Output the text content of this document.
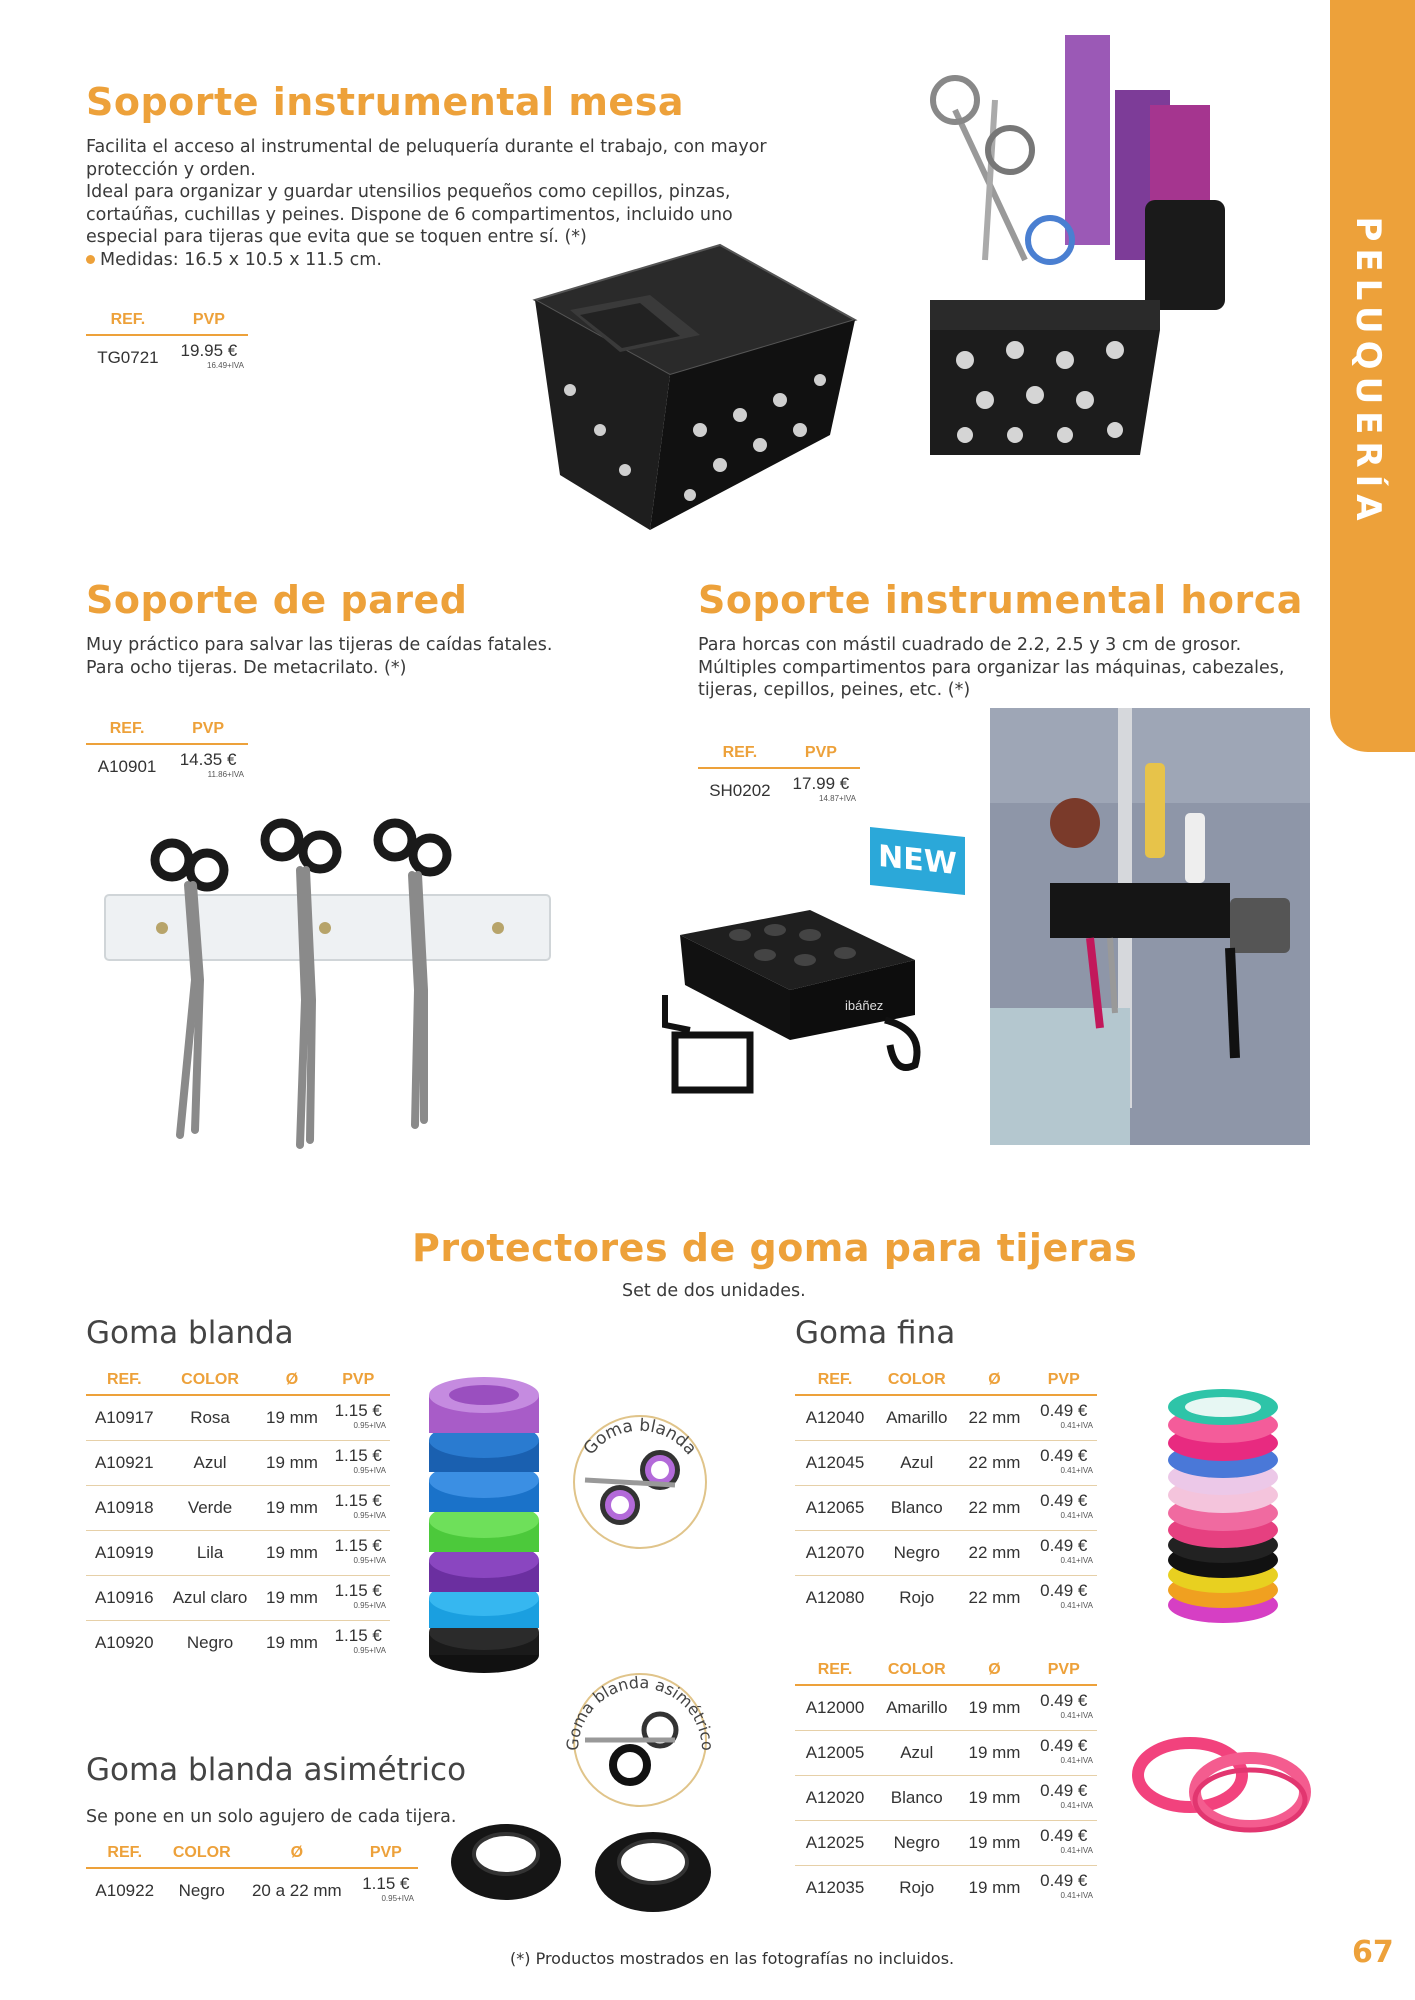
PELUQUERÍA
Soporte instrumental mesa

Facilita el acceso al instrumental de peluquería durante el trabajo, con mayor

protección y orden.

Ideal para organizar y guardar utensilios pequeños como cepillos, pinzas,

cortaúñas, cuchillas y peines. Dispone de 6 compartimentos, incluido uno

especial para tijeras que evita que se toquen entre sí. (*)

Medidas: 16.5 x 10.5 x 11.5 cm.

REF.	PVP
TG0721	19.95 €
16.49+IVA
Soporte de pared

Muy práctico para salvar las tijeras de caídas fatales.

Para ocho tijeras. De metacrilato. (*)

REF.	PVP
A10901	14.35 €
11.86+IVA
Soporte instrumental horca

Para horcas con mástil cuadrado de 2.2, 2.5 y 3 cm de grosor.

Múltiples compartimentos para organizar las máquinas, cabezales,

tijeras, cepillos, peines, etc. (*)

REF.	PVP
SH0202	17.99 €
14.87+IVA
NEW
ibáñez
Protectores de goma para tijeras
Set de dos unidades.
Goma blanda
REF.	COLOR	Ø	PVP
A10917	Rosa	19 mm	1.15 €
0.95+IVA

A10921	Azul	19 mm	1.15 €
0.95+IVA

A10918	Verde	19 mm	1.15 €
0.95+IVA

A10919	Lila	19 mm	1.15 €
0.95+IVA

A10916	Azul claro	19 mm	1.15 €
0.95+IVA

A10920	Negro	19 mm	1.15 €
0.95+IVA
Goma blanda
Goma blanda asimétrico
Goma blanda asimétrico
Se pone en un solo agujero de cada tijera.
REF.	COLOR	Ø	PVP
A10922	Negro	20 a 22 mm	1.15 €
0.95+IVA
Goma fina
REF.	COLOR	Ø	PVP
A12040	Amarillo	22 mm	0.49 €
0.41+IVA

A12045	Azul	22 mm	0.49 €
0.41+IVA

A12065	Blanco	22 mm	0.49 €
0.41+IVA

A12070	Negro	22 mm	0.49 €
0.41+IVA

A12080	Rojo	22 mm	0.49 €
0.41+IVA
REF.	COLOR	Ø	PVP
A12000	Amarillo	19 mm	0.49 €
0.41+IVA

A12005	Azul	19 mm	0.49 €
0.41+IVA

A12020	Blanco	19 mm	0.49 €
0.41+IVA

A12025	Negro	19 mm	0.49 €
0.41+IVA

A12035	Rojo	19 mm	0.49 €
0.41+IVA
(*) Productos mostrados en las fotografías no incluidos.	67
